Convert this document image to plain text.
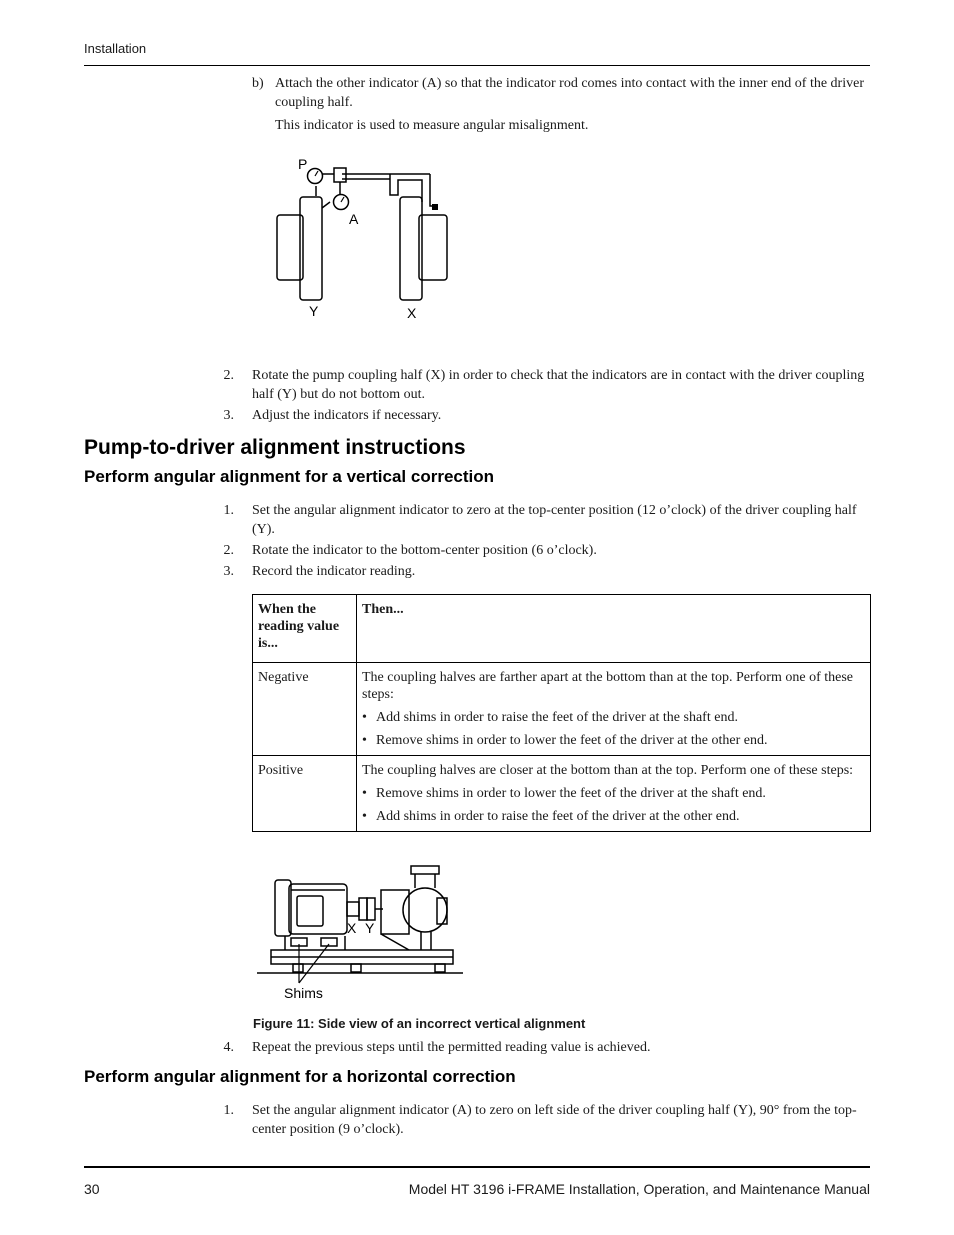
Installation
b) Attach the other indicator (A) so that the indicator rod comes into contact with the inner end of the driver coupling half.
This indicator is used to measure angular misalignment.
P
A
Y	X
2. Rotate the pump coupling half (X) in order to check that the indicators are in contact with the driver coupling half (Y) but do not bottom out.
3. Adjust the indicators if necessary.
Pump-to-driver alignment instructions
Perform angular alignment for a vertical correction
1. Set the angular alignment indicator to zero at the top-center position (12 o’clock) of the driver coupling half (Y).
2. Rotate the indicator to the bottom-center position (6 o’clock).
3. Record the indicator reading.
When the reading value is...	Then...
Negative	The coupling halves are farther apart at the bottom than at the top. Perform one of these steps:
• Add shims in order to raise the feet of the driver at the shaft end.
• Remove shims in order to lower the feet of the driver at the other end.

Positive	The coupling halves are closer at the bottom than at the top. Perform one of these steps:
• Remove shims in order to lower the feet of the driver at the shaft end.
• Add shims in order to raise the feet of the driver at the other end.
X Y
Shims
Figure 11: Side view of an incorrect vertical alignment
4. Repeat the previous steps until the permitted reading value is achieved.
Perform angular alignment for a horizontal correction
1. Set the angular alignment indicator (A) to zero on left side of the driver coupling half (Y), 90° from the top-center position (9 o’clock).
30	Model HT 3196 i-FRAME Installation, Operation, and Maintenance Manual
